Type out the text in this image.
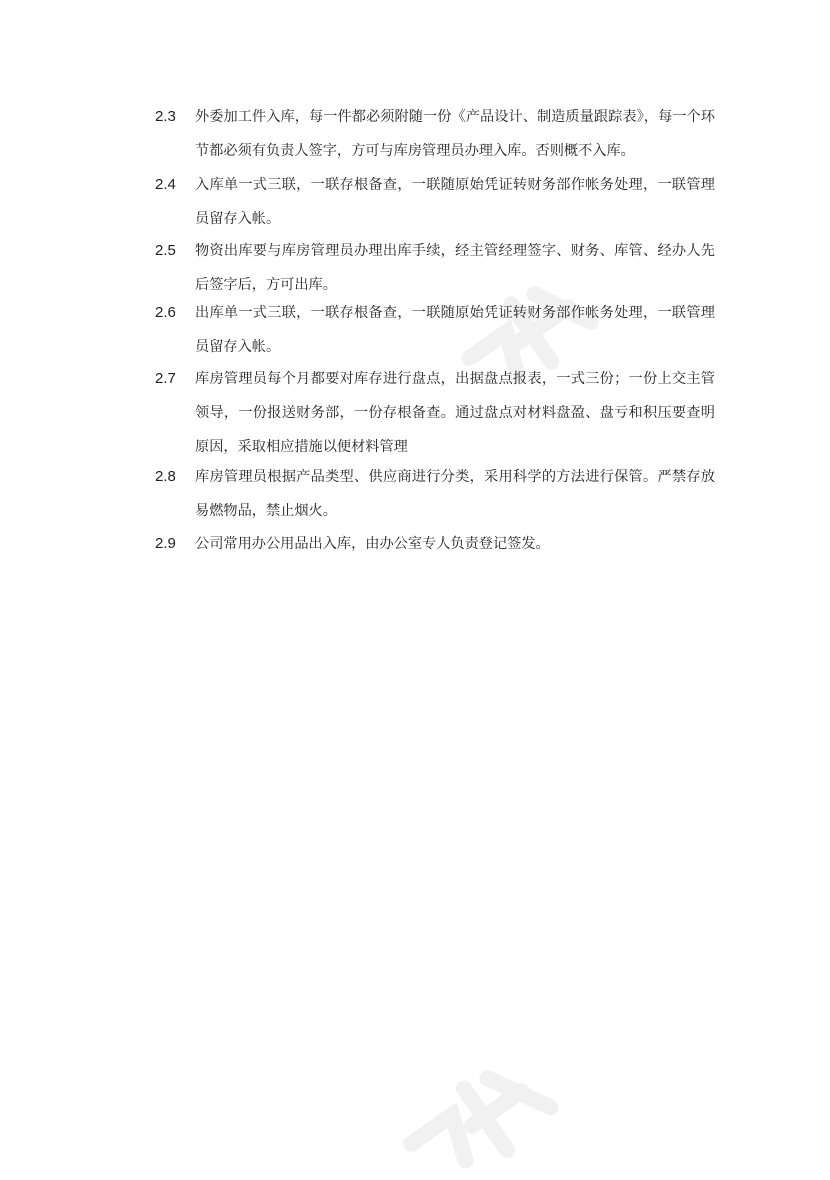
2.3 外委加工件入库，每一件都必须附随一份《产品设计、制造质量跟踪表》，每一个环节都必须有负责人签字，方可与库房管理员办理入库。否则概不入库。
2.4 入库单一式三联，一联存根备查，一联随原始凭证转财务部作帐务处理，一联管理员留存入帐。
2.5 物资出库要与库房管理员办理出库手续，经主管经理签字、财务、库管、经办人先后签字后，方可出库。
2.6 出库单一式三联，一联存根备查，一联随原始凭证转财务部作帐务处理，一联管理员留存入帐。
2.7 库房管理员每个月都要对库存进行盘点，出据盘点报表，一式三份；一份上交主管领导，一份报送财务部，一份存根备查。通过盘点对材料盘盈、盘亏和积压要查明原因，采取相应措施以便材料管理
2.8 库房管理员根据产品类型、供应商进行分类，采用科学的方法进行保管。严禁存放易燃物品，禁止烟火。
2.9 公司常用办公用品出入库，由办公室专人负责登记签发。
